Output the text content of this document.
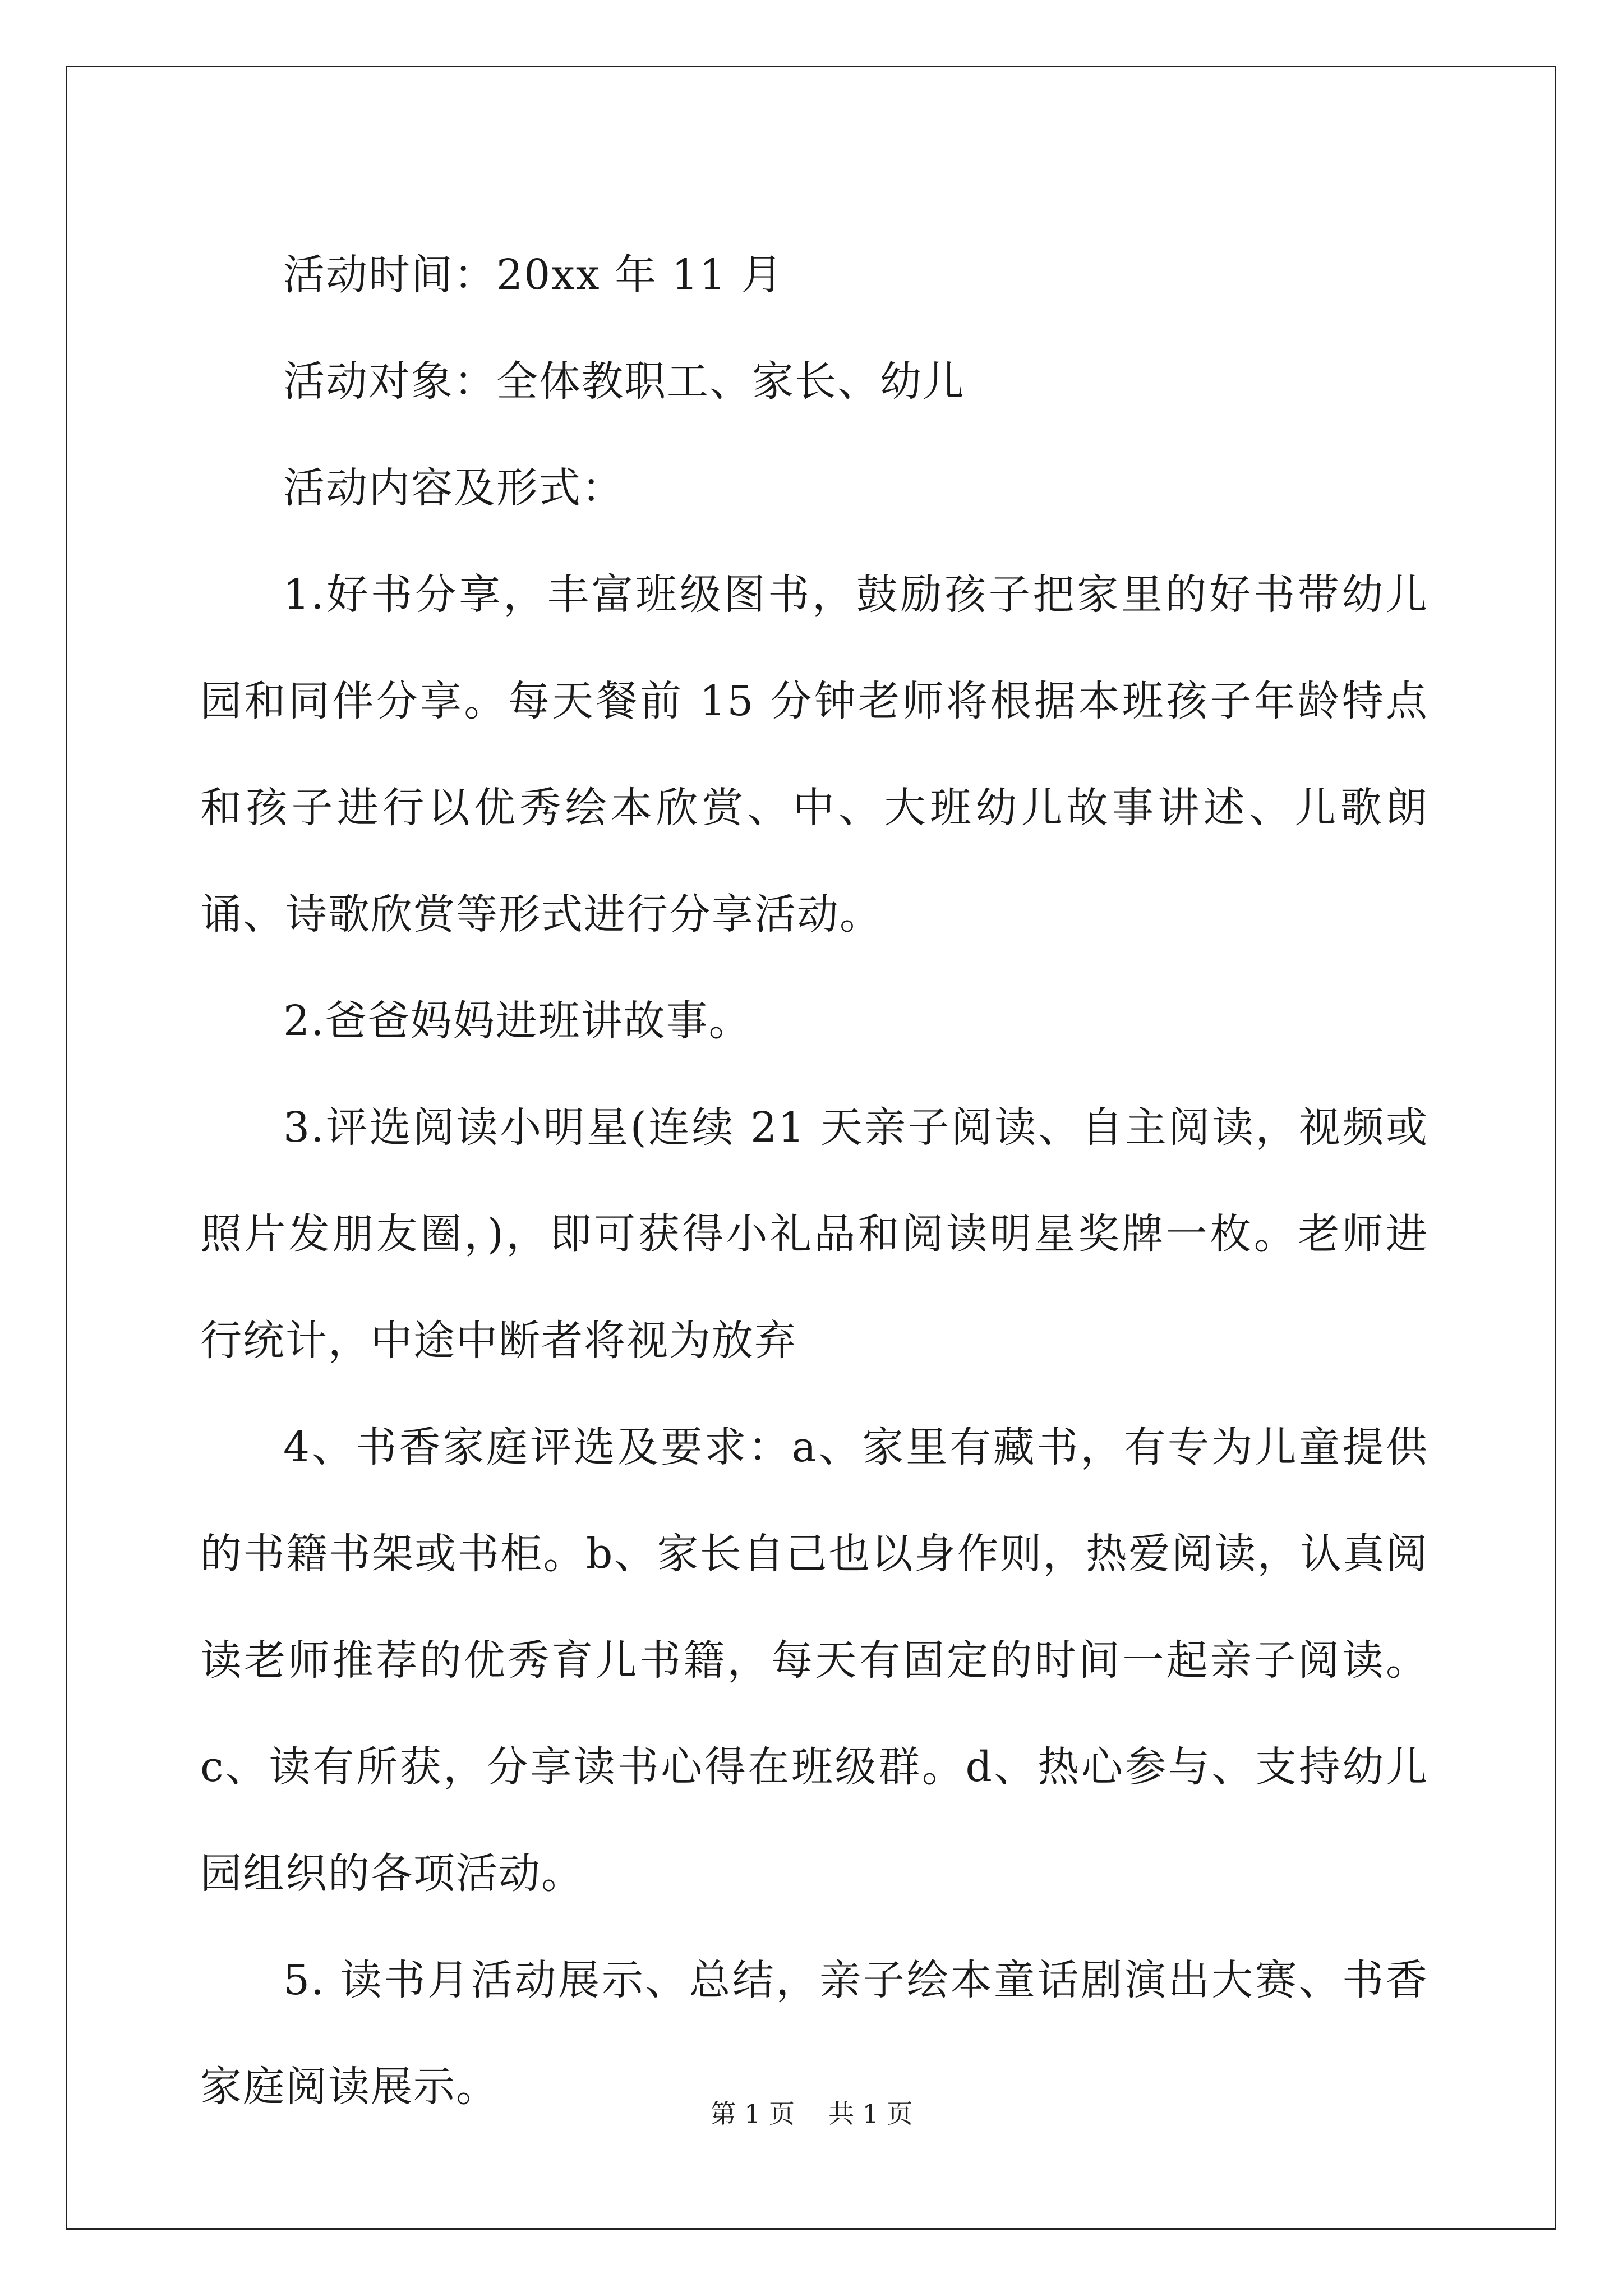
活动时间：20xx 年 11 月

活动对象：全体教职工、家长、幼儿

活动内容及形式：

1.好书分享，丰富班级图书，鼓励孩子把家里的好书带幼儿园和同伴分享。每天餐前 15 分钟老师将根据本班孩子年龄特点和孩子进行以优秀绘本欣赏、中、大班幼儿故事讲述、儿歌朗诵、诗歌欣赏等形式进行分享活动。

2.爸爸妈妈进班讲故事。

3.评选阅读小明星(连续 21 天亲子阅读、自主阅读，视频或照片发朋友圈，)，即可获得小礼品和阅读明星奖牌一枚。老师进行统计，中途中断者将视为放弃

4、书香家庭评选及要求：a、家里有藏书，有专为儿童提供的书籍书架或书柜。b、家长自己也以身作则，热爱阅读，认真阅读老师推荐的优秀育儿书籍，每天有固定的时间一起亲子阅读。c、读有所获，分享读书心得在班级群。d、热心参与、支持幼儿园组织的各项活动。

5. 读书月活动展示、总结，亲子绘本童话剧演出大赛、书香家庭阅读展示。

第 1 页 共 1 页
